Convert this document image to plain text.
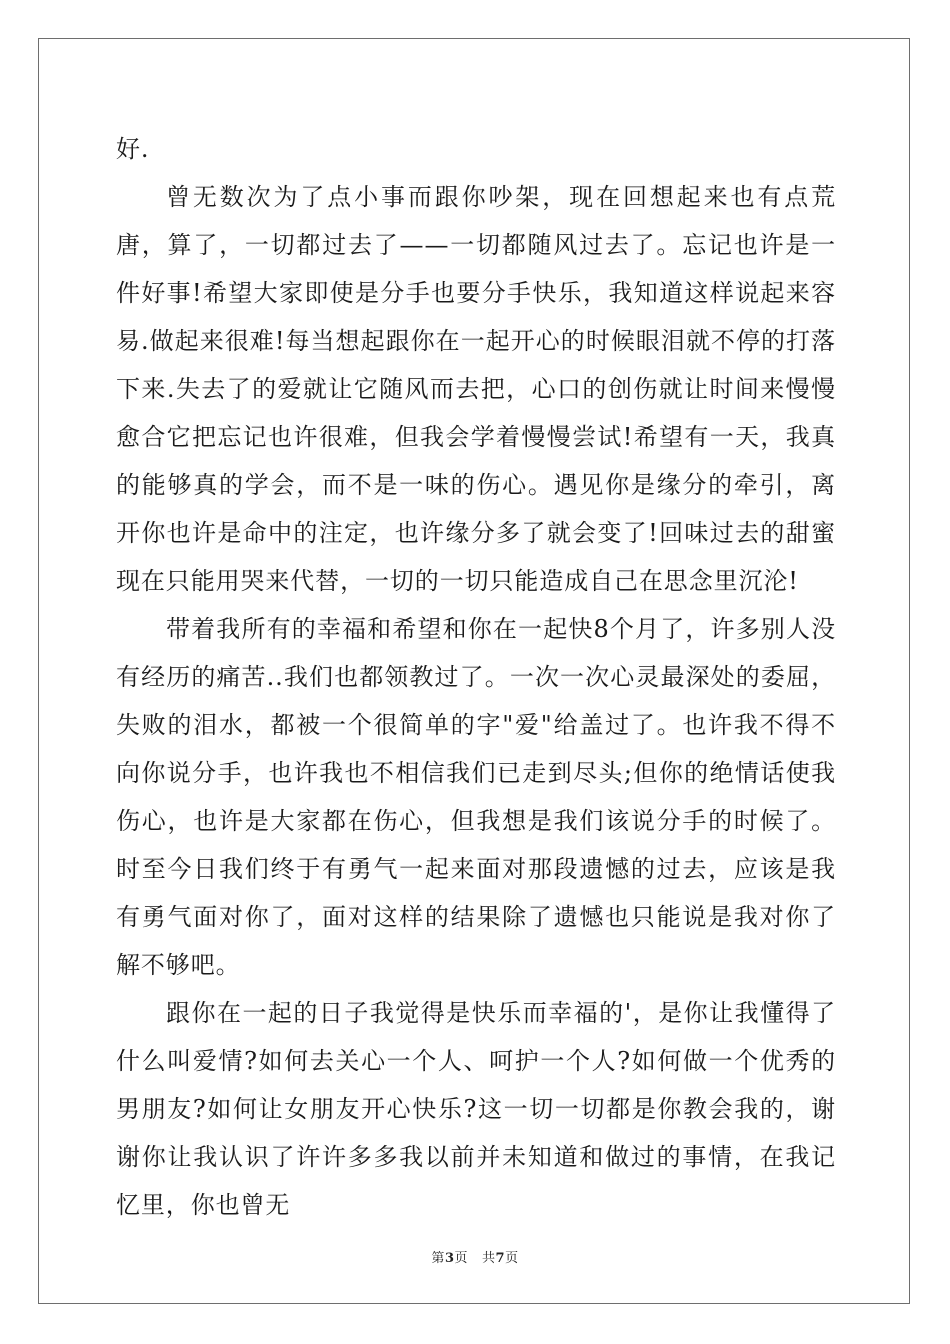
好.

曾无数次为了点小事而跟你吵架，现在回想起来也有点荒唐，算了，一切都过去了——一切都随风过去了。忘记也许是一件好事!希望大家即使是分手也要分手快乐，我知道这样说起来容易.做起来很难!每当想起跟你在一起开心的时候眼泪就不停的打落下来.失去了的爱就让它随风而去把，心口的创伤就让时间来慢慢愈合它把忘记也许很难，但我会学着慢慢尝试!希望有一天，我真的能够真的学会，而不是一味的伤心。遇见你是缘分的牵引，离开你也许是命中的注定，也许缘分多了就会变了!回味过去的甜蜜现在只能用哭来代替，一切的一切只能造成自己在思念里沉沦!

带着我所有的幸福和希望和你在一起快8个月了，许多别人没有经历的痛苦..我们也都领教过了。一次一次心灵最深处的委屈，失败的泪水，都被一个很简单的字"爱"给盖过了。也许我不得不向你说分手，也许我也不相信我们已走到尽头;但你的绝情话使我伤心，也许是大家都在伤心，但我想是我们该说分手的时候了。时至今日我们终于有勇气一起来面对那段遗憾的过去，应该是我有勇气面对你了，面对这样的结果除了遗憾也只能说是我对你了解不够吧。

跟你在一起的日子我觉得是快乐而幸福的'，是你让我懂得了什么叫爱情?如何去关心一个人、呵护一个人?如何做一个优秀的男朋友?如何让女朋友开心快乐?这一切一切都是你教会我的，谢谢你让我认识了许许多多我以前并未知道和做过的事情，在我记忆里，你也曾无

第3页 共7页
